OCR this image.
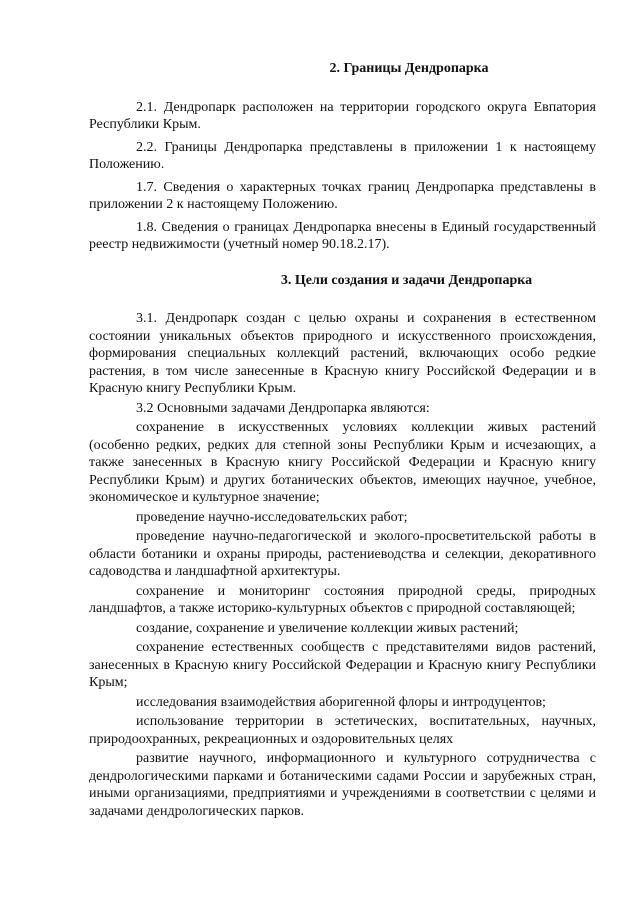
2. Границы Дендропарка

2.1. Дендропарк расположен на территории городского округа Евпатория Республики Крым.

2.2. Границы Дендропарка представлены в приложении 1 к настоящему Положению.

1.7. Сведения о характерных точках границ Дендропарка представлены в приложении 2 к настоящему Положению.

1.8. Сведения о границах Дендропарка внесены в Единый государственный реестр недвижимости (учетный номер 90.18.2.17).

3. Цели создания и задачи Дендропарка

3.1. Дендропарк создан с целью охраны и сохранения в естественном состоянии уникальных объектов природного и искусственного происхождения, формирования специальных коллекций растений, включающих особо редкие растения, в том числе занесенные в Красную книгу Российской Федерации и в Красную книгу Республики Крым.

3.2 Основными задачами Дендропарка являются:

сохранение в искусственных условиях коллекции живых растений (особенно редких, редких для степной зоны Республики Крым и исчезающих, а также занесенных в Красную книгу Российской Федерации и Красную книгу Республики Крым) и других ботанических объектов, имеющих научное, учебное, экономическое и культурное значение;

проведение научно-исследовательских работ;

проведение научно-педагогической и эколого-просветительской работы в области ботаники и охраны природы, растениеводства и селекции, декоративного садоводства и ландшафтной архитектуры.

сохранение и мониторинг состояния природной среды, природных ландшафтов, а также историко-культурных объектов с природной составляющей;

создание, сохранение и увеличение коллекции живых растений;

сохранение естественных сообществ с представителями видов растений, занесенных в Красную книгу Российской Федерации и Красную книгу Республики Крым;

исследования взаимодействия аборигенной флоры и интродуцентов;

использование территории в эстетических, воспитательных, научных, природоохранных, рекреационных и оздоровительных целях

развитие научного, информационного и культурного сотрудничества с дендрологическими парками и ботаническими садами России и зарубежных стран, иными организациями, предприятиями и учреждениями в соответствии с целями и задачами дендрологических парков.
